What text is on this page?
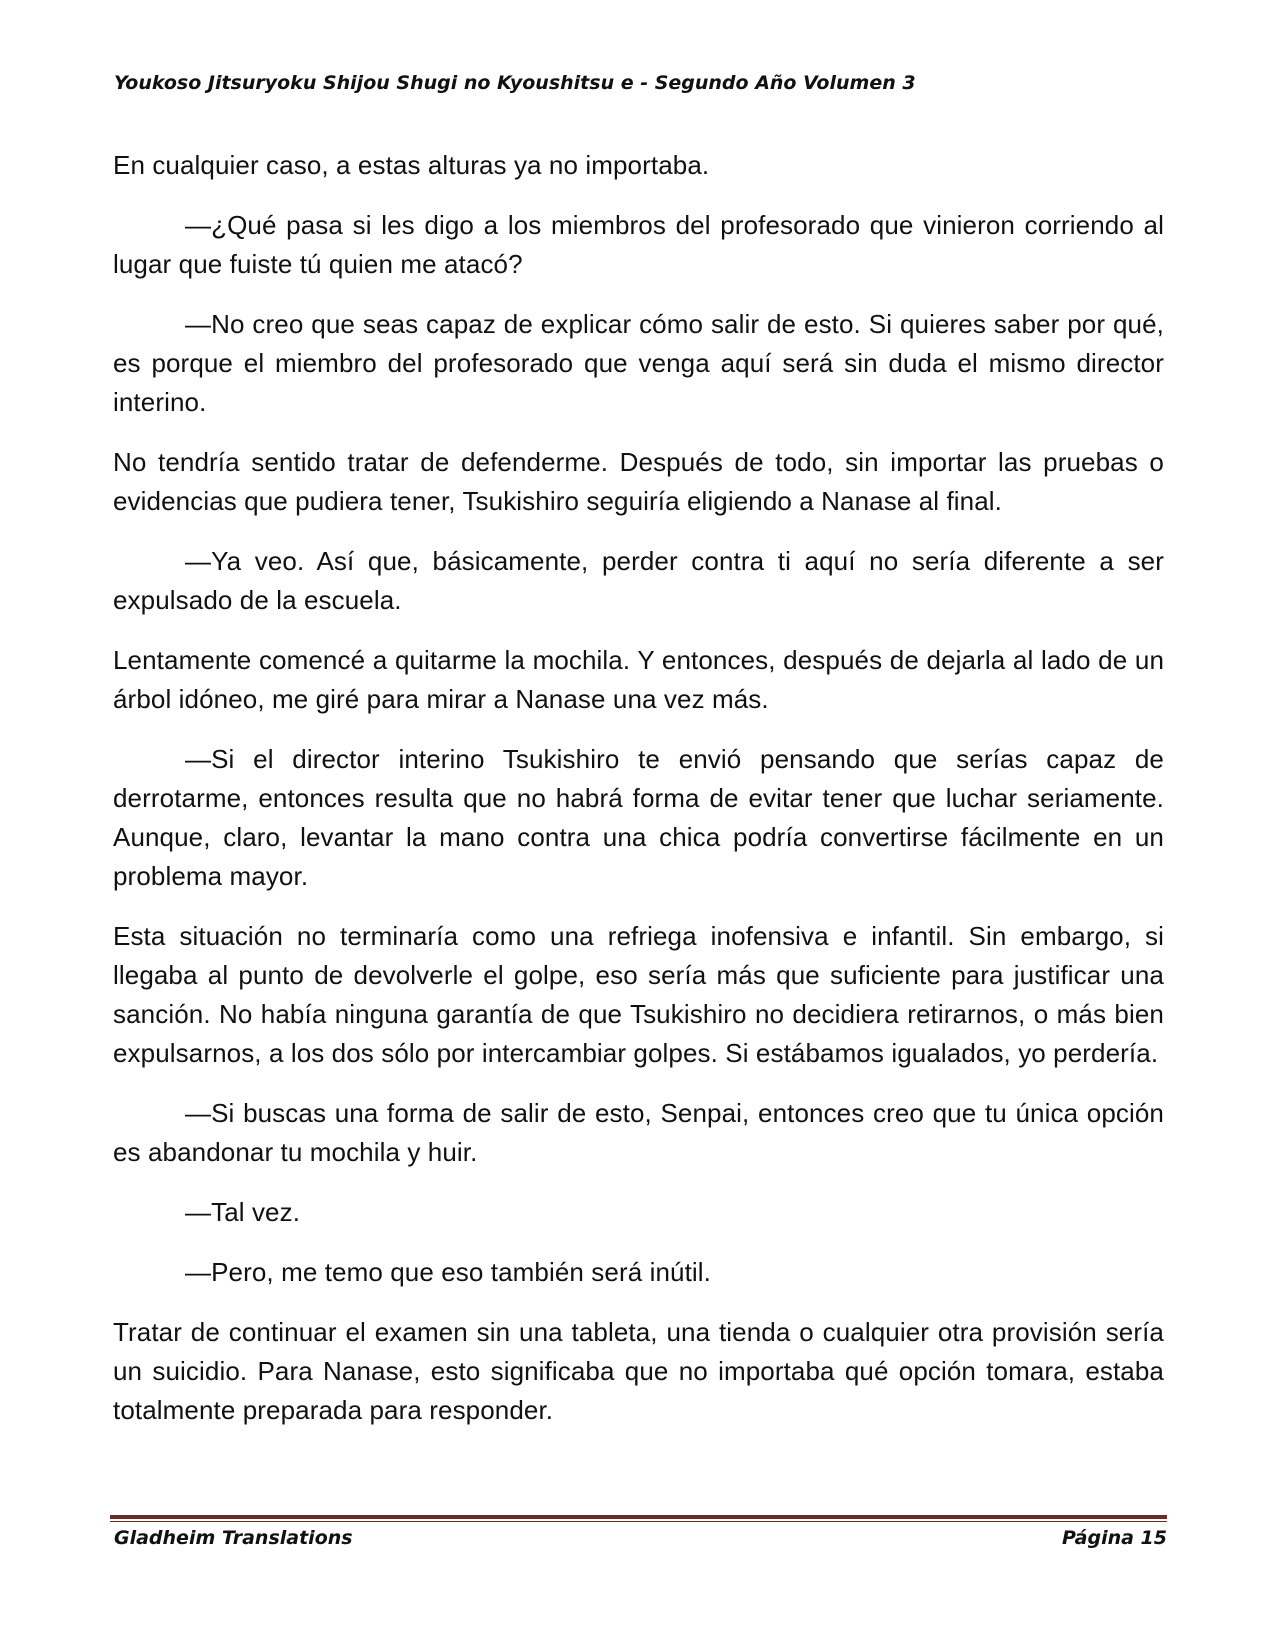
Youkoso Jitsuryoku Shijou Shugi no Kyoushitsu e - Segundo Año Volumen 3

En cualquier caso, a estas alturas ya no importaba.

—¿Qué pasa si les digo a los miembros del profesorado que vinieron corriendo al lugar que fuiste tú quien me atacó?

—No creo que seas capaz de explicar cómo salir de esto. Si quieres saber por qué, es porque el miembro del profesorado que venga aquí será sin duda el mismo director interino.

No tendría sentido tratar de defenderme. Después de todo, sin importar las pruebas o evidencias que pudiera tener, Tsukishiro seguiría eligiendo a Nanase al final.

—Ya veo. Así que, básicamente, perder contra ti aquí no sería diferente a ser expulsado de la escuela.

Lentamente comencé a quitarme la mochila. Y entonces, después de dejarla al lado de un árbol idóneo, me giré para mirar a Nanase una vez más.

—Si el director interino Tsukishiro te envió pensando que serías capaz de derrotarme, entonces resulta que no habrá forma de evitar tener que luchar seriamente. Aunque, claro, levantar la mano contra una chica podría convertirse fácilmente en un problema mayor.

Esta situación no terminaría como una refriega inofensiva e infantil. Sin embargo, si llegaba al punto de devolverle el golpe, eso sería más que suficiente para justificar una sanción. No había ninguna garantía de que Tsukishiro no decidiera retirarnos, o más bien expulsarnos, a los dos sólo por intercambiar golpes. Si estábamos igualados, yo perdería.

—Si buscas una forma de salir de esto, Senpai, entonces creo que tu única opción es abandonar tu mochila y huir.

—Tal vez.

—Pero, me temo que eso también será inútil.

Tratar de continuar el examen sin una tableta, una tienda o cualquier otra provisión sería un suicidio. Para Nanase, esto significaba que no importaba qué opción tomara, estaba totalmente preparada para responder.

Gladheim Translations	Página 15
